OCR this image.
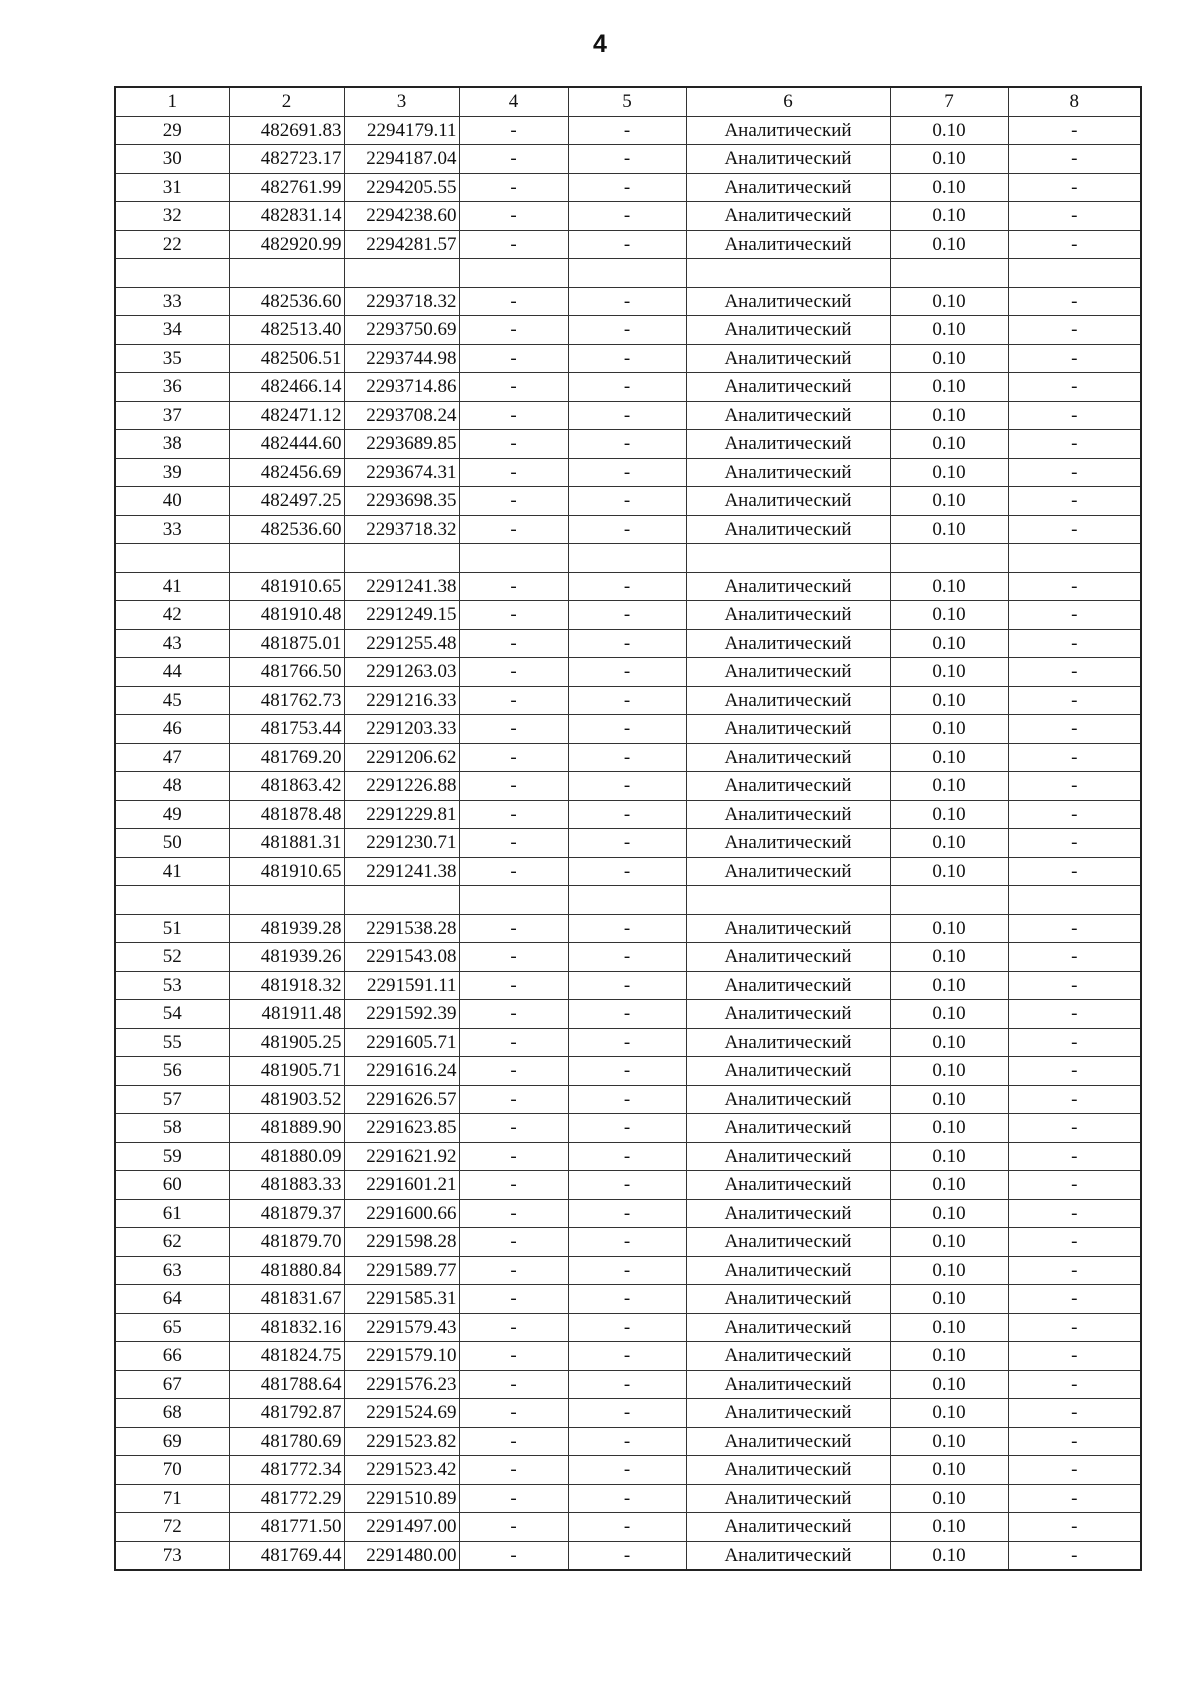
4
1	2	3	4	5	6	7	8
29	482691.83	2294179.11	-	-	Аналитический	0.10	-
30	482723.17	2294187.04	-	-	Аналитический	0.10	-
31	482761.99	2294205.55	-	-	Аналитический	0.10	-
32	482831.14	2294238.60	-	-	Аналитический	0.10	-
22	482920.99	2294281.57	-	-	Аналитический	0.10	-

33	482536.60	2293718.32	-	-	Аналитический	0.10	-
34	482513.40	2293750.69	-	-	Аналитический	0.10	-
35	482506.51	2293744.98	-	-	Аналитический	0.10	-
36	482466.14	2293714.86	-	-	Аналитический	0.10	-
37	482471.12	2293708.24	-	-	Аналитический	0.10	-
38	482444.60	2293689.85	-	-	Аналитический	0.10	-
39	482456.69	2293674.31	-	-	Аналитический	0.10	-
40	482497.25	2293698.35	-	-	Аналитический	0.10	-
33	482536.60	2293718.32	-	-	Аналитический	0.10	-

41	481910.65	2291241.38	-	-	Аналитический	0.10	-
42	481910.48	2291249.15	-	-	Аналитический	0.10	-
43	481875.01	2291255.48	-	-	Аналитический	0.10	-
44	481766.50	2291263.03	-	-	Аналитический	0.10	-
45	481762.73	2291216.33	-	-	Аналитический	0.10	-
46	481753.44	2291203.33	-	-	Аналитический	0.10	-
47	481769.20	2291206.62	-	-	Аналитический	0.10	-
48	481863.42	2291226.88	-	-	Аналитический	0.10	-
49	481878.48	2291229.81	-	-	Аналитический	0.10	-
50	481881.31	2291230.71	-	-	Аналитический	0.10	-
41	481910.65	2291241.38	-	-	Аналитический	0.10	-

51	481939.28	2291538.28	-	-	Аналитический	0.10	-
52	481939.26	2291543.08	-	-	Аналитический	0.10	-
53	481918.32	2291591.11	-	-	Аналитический	0.10	-
54	481911.48	2291592.39	-	-	Аналитический	0.10	-
55	481905.25	2291605.71	-	-	Аналитический	0.10	-
56	481905.71	2291616.24	-	-	Аналитический	0.10	-
57	481903.52	2291626.57	-	-	Аналитический	0.10	-
58	481889.90	2291623.85	-	-	Аналитический	0.10	-
59	481880.09	2291621.92	-	-	Аналитический	0.10	-
60	481883.33	2291601.21	-	-	Аналитический	0.10	-
61	481879.37	2291600.66	-	-	Аналитический	0.10	-
62	481879.70	2291598.28	-	-	Аналитический	0.10	-
63	481880.84	2291589.77	-	-	Аналитический	0.10	-
64	481831.67	2291585.31	-	-	Аналитический	0.10	-
65	481832.16	2291579.43	-	-	Аналитический	0.10	-
66	481824.75	2291579.10	-	-	Аналитический	0.10	-
67	481788.64	2291576.23	-	-	Аналитический	0.10	-
68	481792.87	2291524.69	-	-	Аналитический	0.10	-
69	481780.69	2291523.82	-	-	Аналитический	0.10	-
70	481772.34	2291523.42	-	-	Аналитический	0.10	-
71	481772.29	2291510.89	-	-	Аналитический	0.10	-
72	481771.50	2291497.00	-	-	Аналитический	0.10	-
73	481769.44	2291480.00	-	-	Аналитический	0.10	-
